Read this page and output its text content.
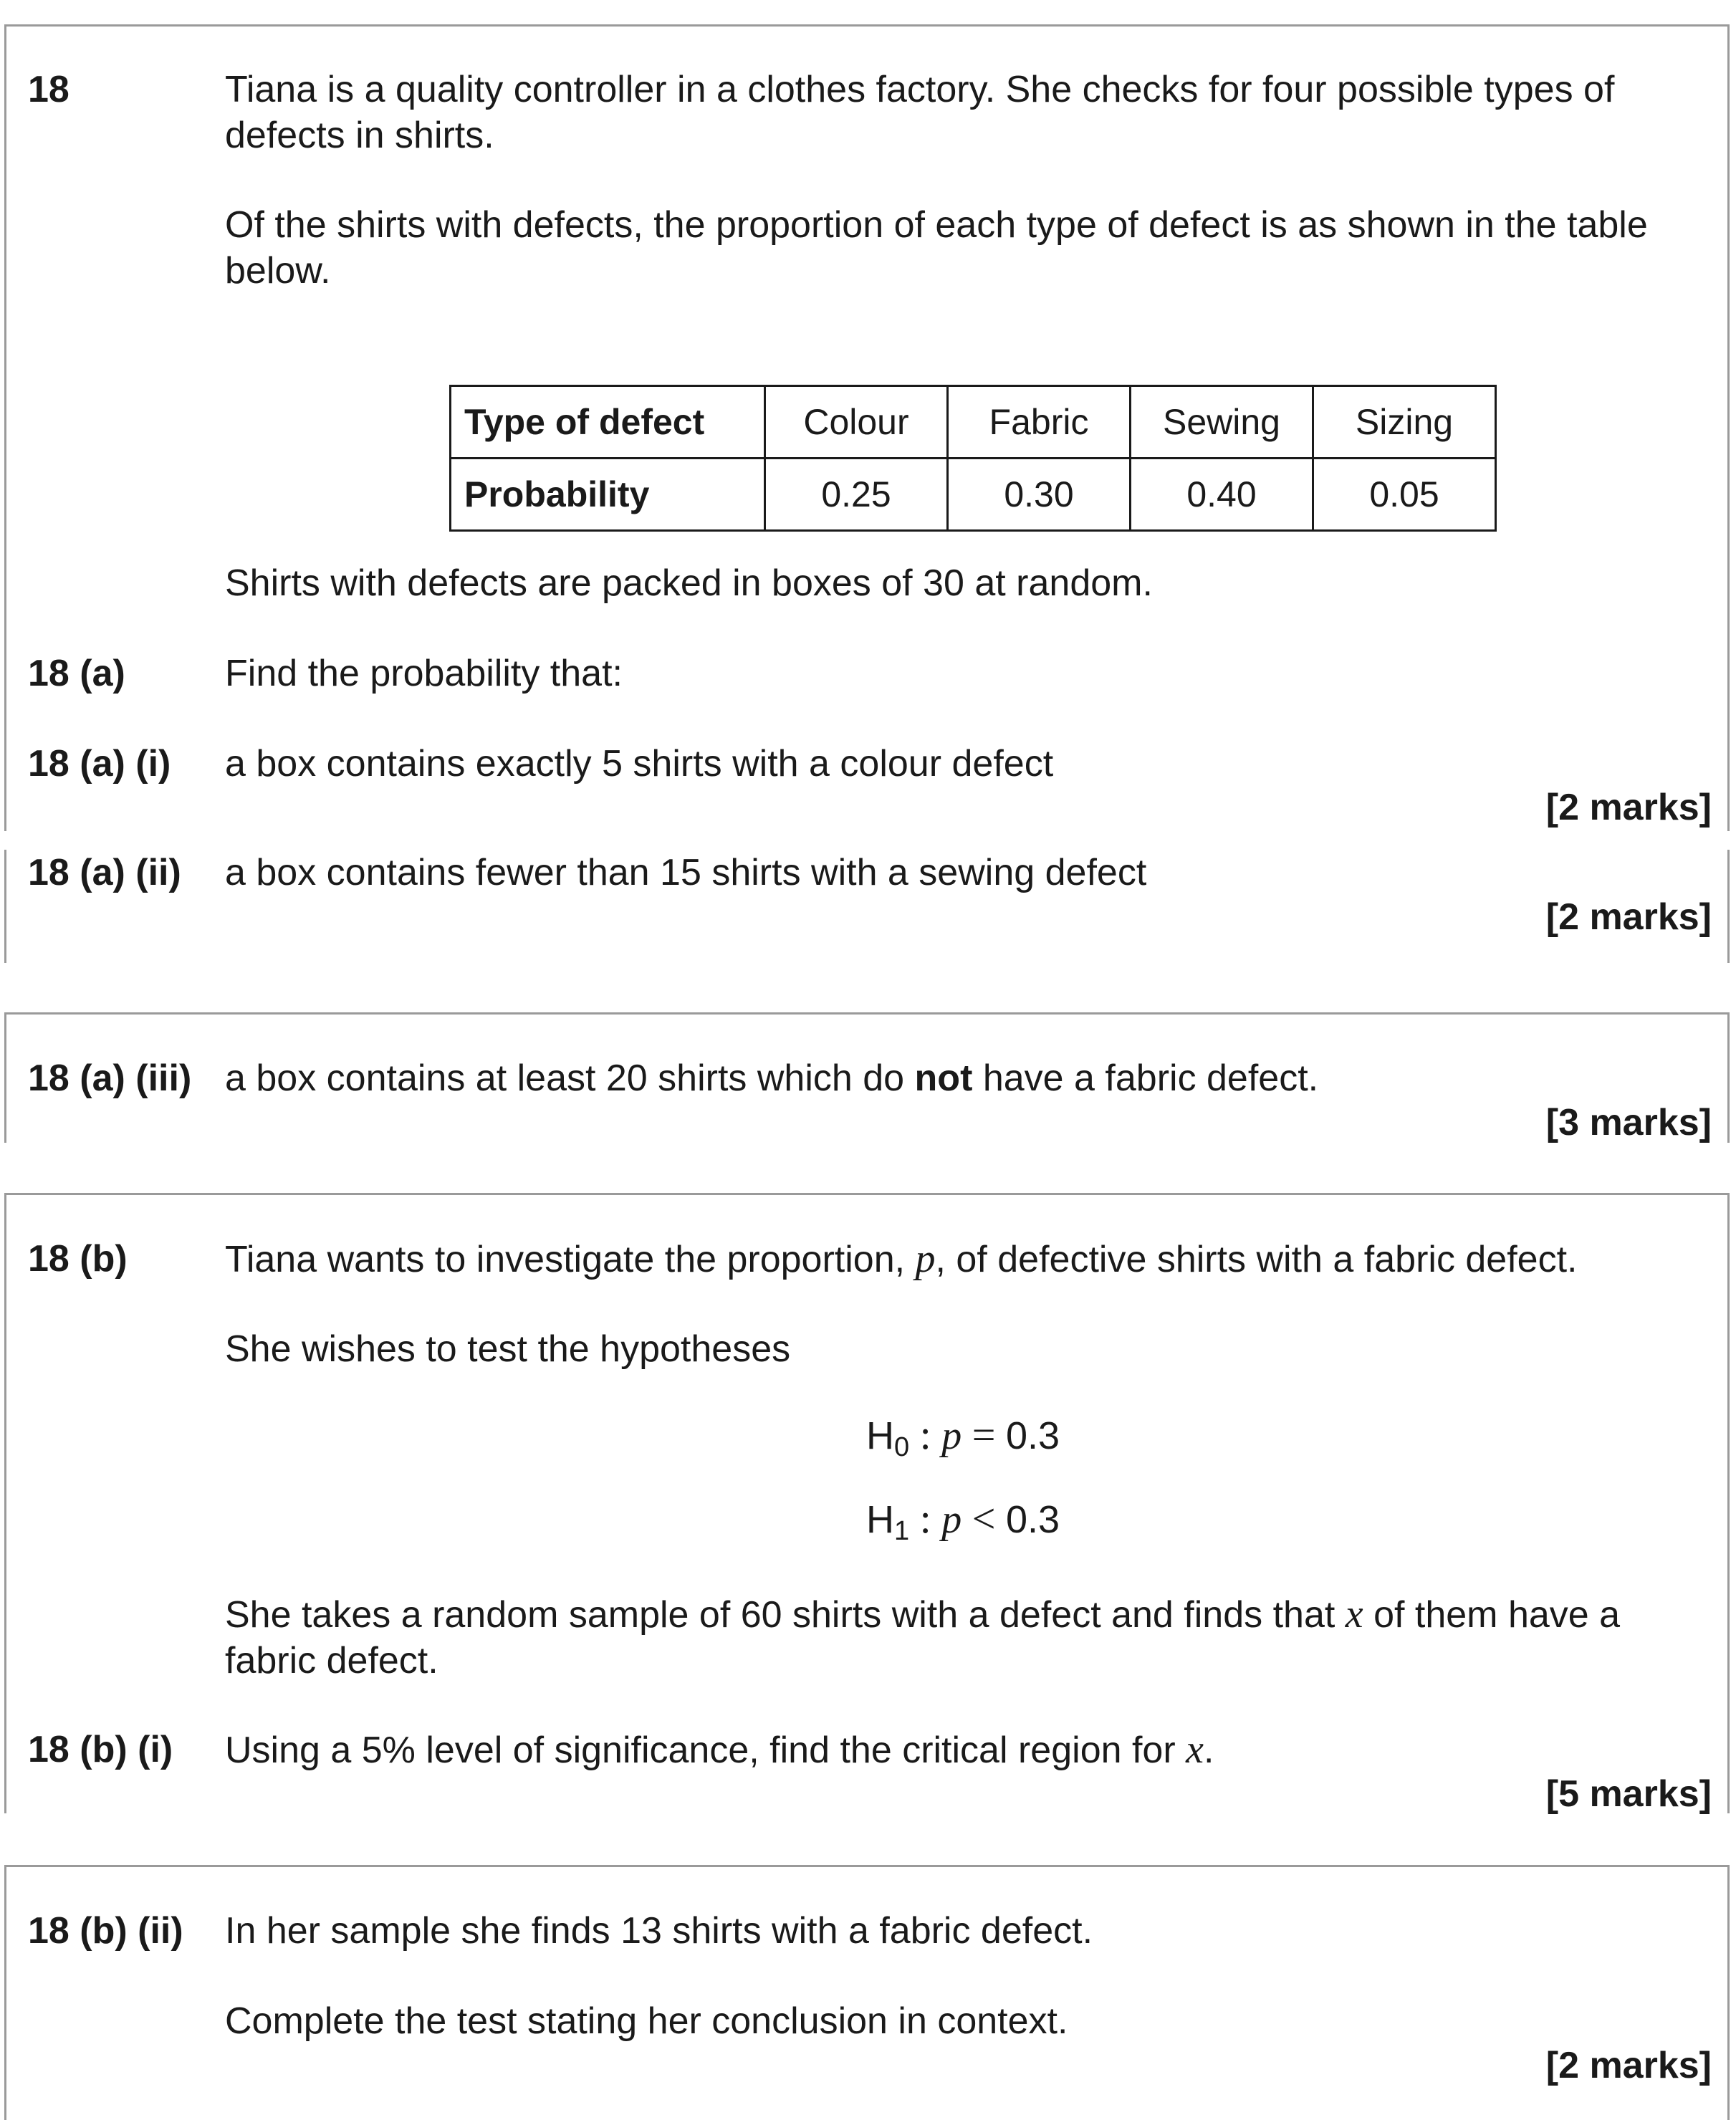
18	Tiana is a quality controller in a clothes factory. She checks for four possible types of defects in shirts.
Of the shirts with defects, the proportion of each type of defect is as shown in the table below.
Type of defect	Colour	Fabric	Sewing	Sizing
Probability	0.25	0.30	0.40	0.05
Shirts with defects are packed in boxes of 30 at random.
18 (a)	Find the probability that:
18 (a) (i) a box contains exactly 5 shirts with a colour defect
[2 marks]
18 (a) (ii) a box contains fewer than 15 shirts with a sewing defect
[2 marks]
18 (a) (iii) a box contains at least 20 shirts which do not have a fabric defect.
[3 marks]
18 (b)	Tiana wants to investigate the proportion, p, of defective shirts with a fabric defect.
She wishes to test the hypotheses
$H_0$ : p = 0.3
$H_1$ : p < 0.3
She takes a random sample of 60 shirts with a defect and finds that x of them have a fabric defect.
18 (b) (i) Using a 5% level of significance, find the critical region for x.
[5 marks]
18 (b) (ii) In her sample she finds 13 shirts with a fabric defect.
Complete the test stating her conclusion in context.
[2 marks]
